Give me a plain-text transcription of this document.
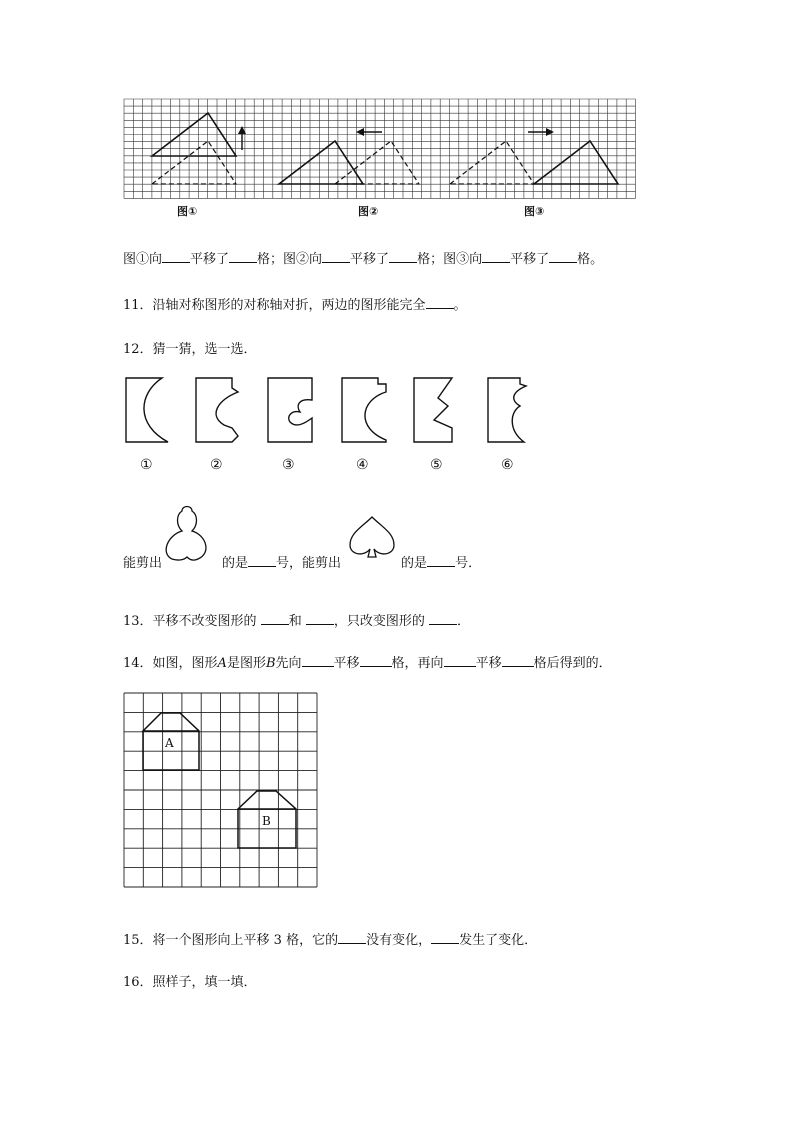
图①	图②	图③
图①向 平移了 格；图②向 平移了 格；图③向 平移了 格。
11．沿轴对称图形的对称轴对折，两边的图形能完全 。
12．猜一猜，选一选．
①	②	③	④	⑤	⑥
能剪出	的是 号，能剪出	的是 号．
13．平移不改变图形的 和 ，只改变图形的 ．
14．如图，图形A是图形B先向 平移 格，再向 平移 格后得到的．
A
B
15．将一个图形向上平移 3 格，它的 没有变化， 发生了变化．
16．照样子，填一填．
